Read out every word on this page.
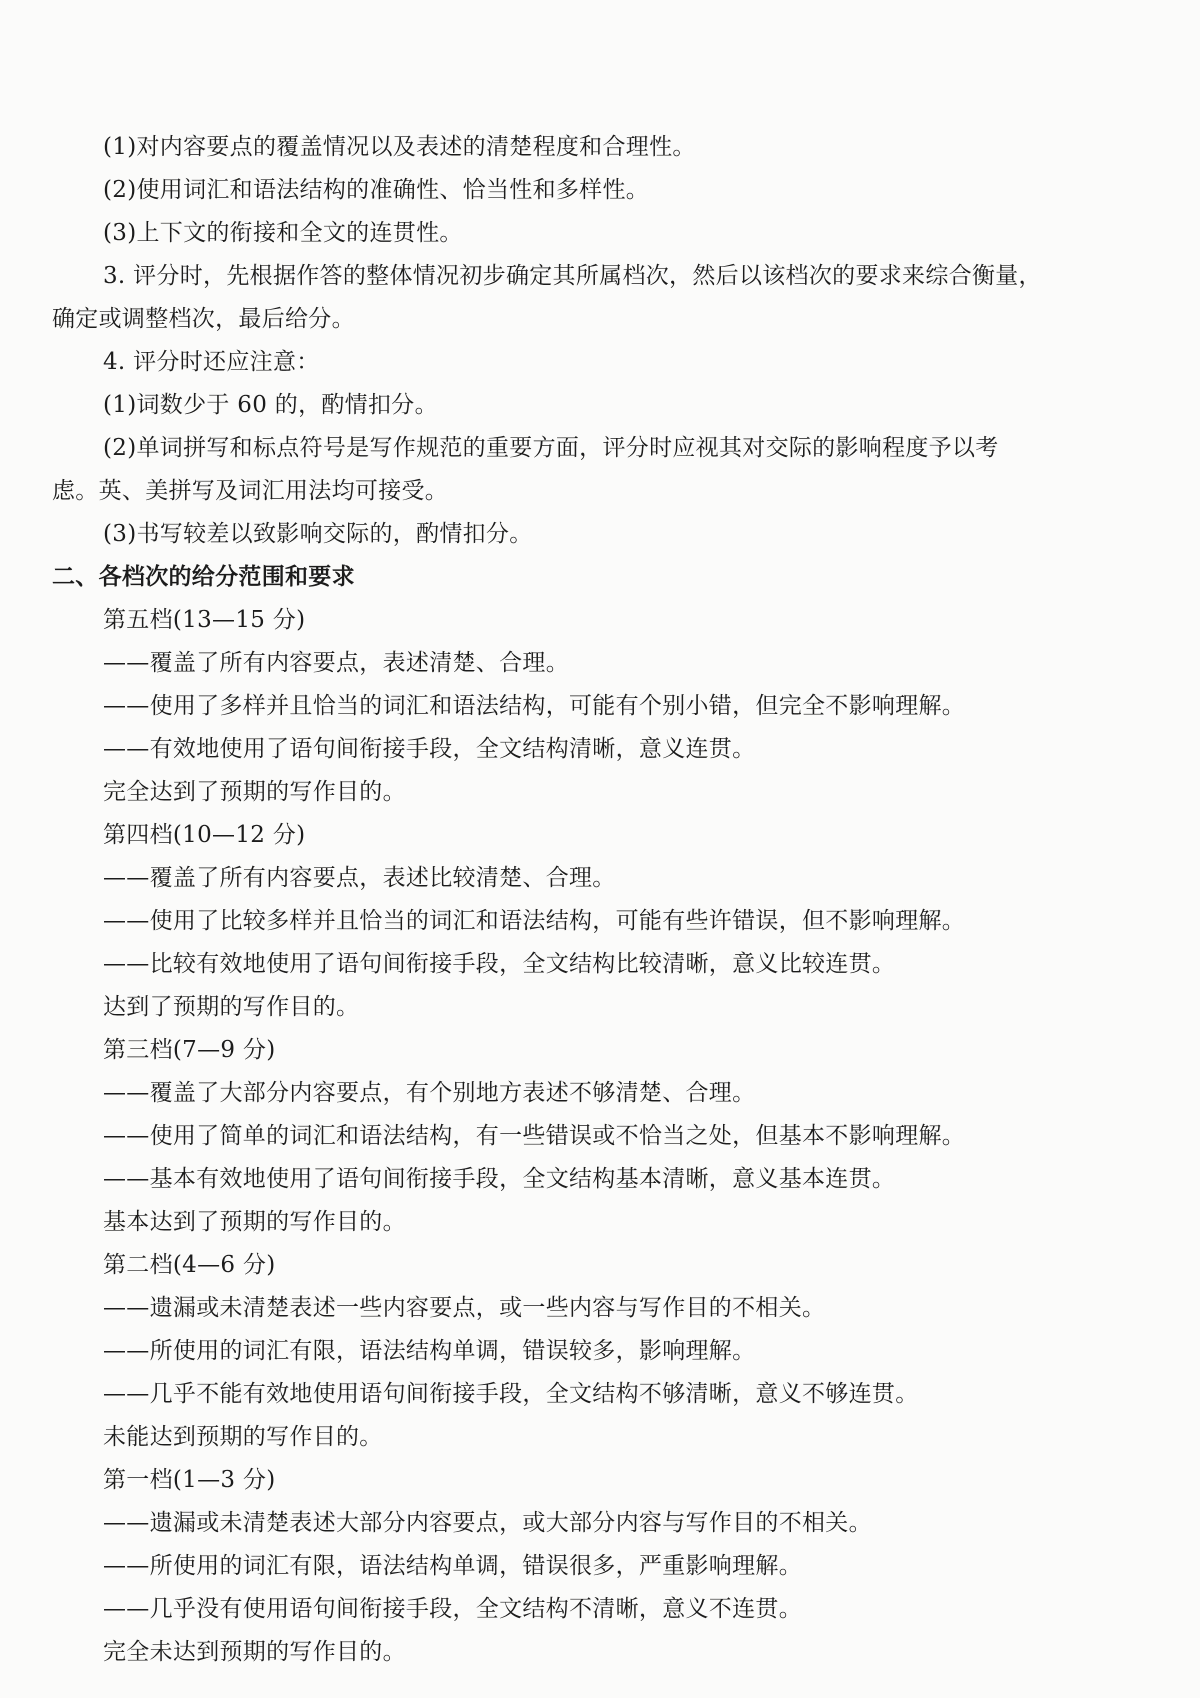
(1)对内容要点的覆盖情况以及表述的清楚程度和合理性。
(2)使用词汇和语法结构的准确性、恰当性和多样性。
(3)上下文的衔接和全文的连贯性。
3. 评分时，先根据作答的整体情况初步确定其所属档次，然后以该档次的要求来综合衡量，
确定或调整档次，最后给分。
4. 评分时还应注意：
(1)词数少于 60 的，酌情扣分。
(2)单词拼写和标点符号是写作规范的重要方面，评分时应视其对交际的影响程度予以考
虑。英、美拼写及词汇用法均可接受。
(3)书写较差以致影响交际的，酌情扣分。
二、各档次的给分范围和要求
第五档(13—15 分)
——覆盖了所有内容要点，表述清楚、合理。
——使用了多样并且恰当的词汇和语法结构，可能有个别小错，但完全不影响理解。
——有效地使用了语句间衔接手段，全文结构清晰，意义连贯。
完全达到了预期的写作目的。
第四档(10—12 分)
——覆盖了所有内容要点，表述比较清楚、合理。
——使用了比较多样并且恰当的词汇和语法结构，可能有些许错误，但不影响理解。
——比较有效地使用了语句间衔接手段，全文结构比较清晰，意义比较连贯。
达到了预期的写作目的。
第三档(7—9 分)
——覆盖了大部分内容要点，有个别地方表述不够清楚、合理。
——使用了简单的词汇和语法结构，有一些错误或不恰当之处，但基本不影响理解。
——基本有效地使用了语句间衔接手段，全文结构基本清晰，意义基本连贯。
基本达到了预期的写作目的。
第二档(4—6 分)
——遗漏或未清楚表述一些内容要点，或一些内容与写作目的不相关。
——所使用的词汇有限，语法结构单调，错误较多，影响理解。
——几乎不能有效地使用语句间衔接手段，全文结构不够清晰，意义不够连贯。
未能达到预期的写作目的。
第一档(1—3 分)
——遗漏或未清楚表述大部分内容要点，或大部分内容与写作目的不相关。
——所使用的词汇有限，语法结构单调，错误很多，严重影响理解。
——几乎没有使用语句间衔接手段，全文结构不清晰，意义不连贯。
完全未达到预期的写作目的。
